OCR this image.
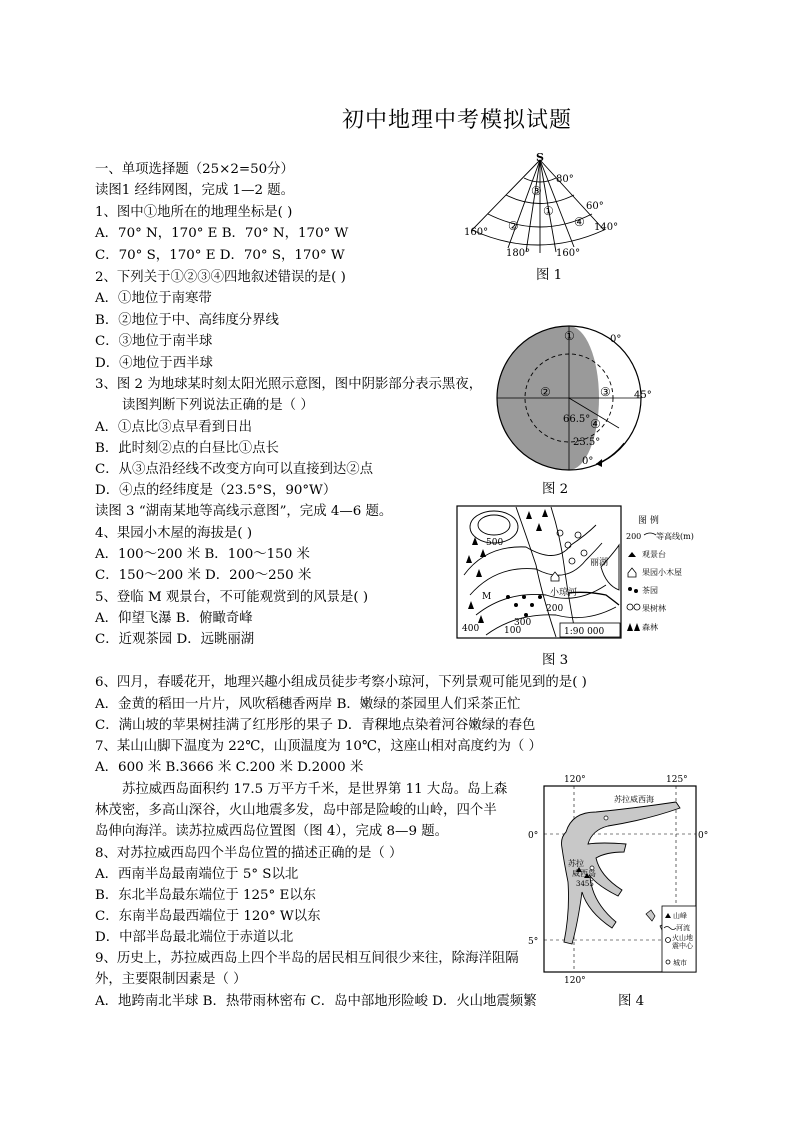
初中地理中考模拟试题
一、单项选择题（25×2=50分）
读图1 经纬网图，完成 1—2 题。
1、图中①地所在的地理坐标是( )
A．70° N，170° E B．70° N，170° W
C．70° S，170° E D．70° S，170° W
2、下列关于①②③④四地叙述错误的是( )
A．①地位于南寒带
B．②地位于中、高纬度分界线
C．③地位于南半球
D．④地位于西半球
3、图 2 为地球某时刻太阳光照示意图，图中阴影部分表示黑夜，
读图判断下列说法正确的是（ ）
A．①点比③点早看到日出
B．此时刻②点的白昼比①点长
C．从③点沿经线不改变方向可以直接到达②点
D．④点的经纬度是（23.5°S，90°W）
读图 3 “湖南某地等高线示意图”，完成 4—6 题。
4、果园小木屋的海拔是( )
A．100～200 米 B．100～150 米
C．150～200 米 D．200～250 米
5、登临 M 观景台，不可能观赏到的风景是( )
A．仰望飞瀑 B．俯瞰奇峰
C．近观茶园 D．远眺丽湖
6、四月，春暖花开，地理兴趣小组成员徒步考察小琼河，下列景观可能见到的是( )
A．金黄的稻田一片片，风吹稻穗香两岸 B．嫩绿的茶园里人们采茶正忙
C．满山坡的苹果树挂满了红彤彤的果子 D．青稞地点染着河谷嫩绿的春色
7、某山山脚下温度为 22℃，山顶温度为 10℃，这座山相对高度约为（ ）
A．600 米 B.3666 米 C.200 米 D.2000 米
苏拉威西岛面积约 17.5 万平方千米，是世界第 11 大岛。岛上森
林茂密，多高山深谷，火山地震多发，岛中部是险峻的山岭，四个半
岛伸向海洋。读苏拉威西岛位置图（图 4），完成 8—9 题。
8、对苏拉威西岛四个半岛位置的描述正确的是（ ）
A．西南半岛最南端位于 5° S以北
B．东北半岛最东端位于 125° E以东
C．东南半岛最西端位于 120° W以东
D．中部半岛最北端位于赤道以北
9、历史上，苏拉威西岛上四个半岛的居民相互间很少来往，除海洋阻隔
外，主要限制因素是（ ）
A．地跨南北半球 B．热带雨林密布 C．岛中部地形险峻 D．火山地震频繁
图 1
图 2
图 3
图 4
S
80°
60°
140°
160°
160°
180°
①
②
③
④
①
②	③
④
0°
45°
66.5°
23.5°
0°
500
丽湖
小琼河
M
200
300
400	100	1:90 000
图 例
200 等高线(m)
观景台
果园小木屋
茶园
果树林
森林
120°	125°
120°
0°
5°
0°
苏拉威西海
苏拉
威西岛
3455
山峰
河流
火山地震中心
城市
